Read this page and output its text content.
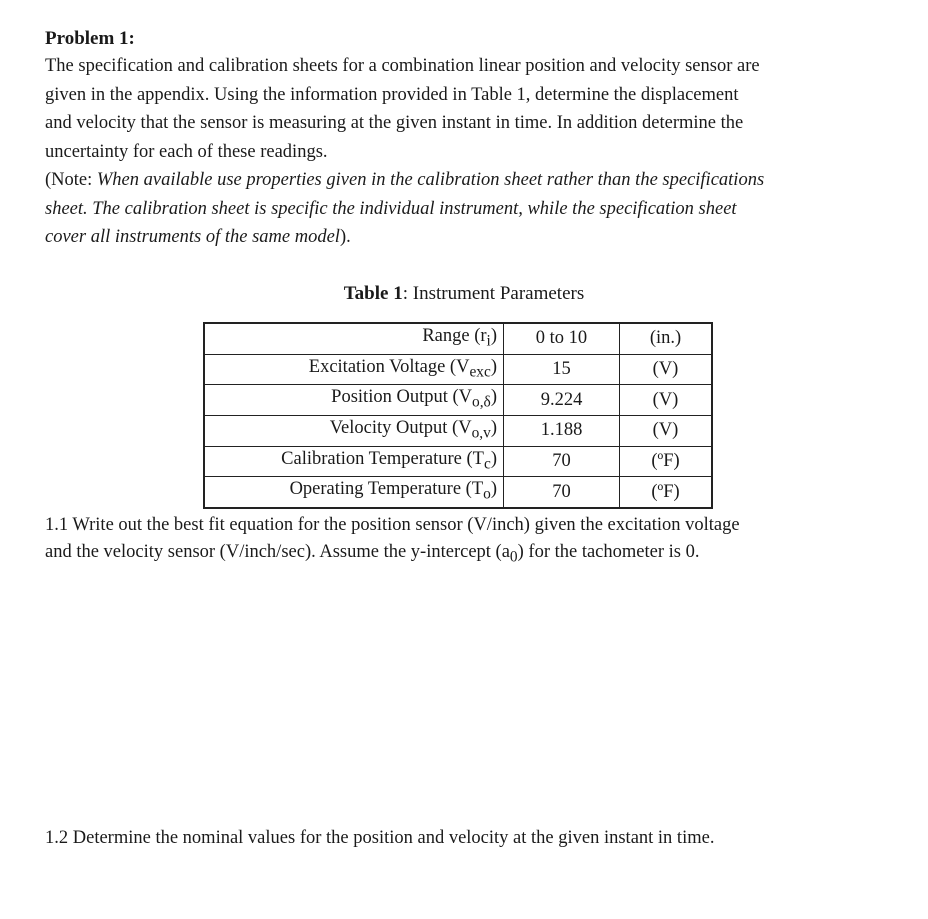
Problem 1:

The specification and calibration sheets for a combination linear position and velocity sensor are
given in the appendix. Using the information provided in Table 1, determine the displacement
and velocity that the sensor is measuring at the given instant in time. In addition determine the
uncertainty for each of these readings.

(Note: When available use properties given in the calibration sheet rather than the specifications
sheet. The calibration sheet is specific the individual instrument, while the specification sheet
cover all instruments of the same model).

Table 1: Instrument Parameters
Range $(r_i)$	0 to 10	(in.)
Excitation Voltage $(V_{exc})$	15	(V)
Position Output $(V_{o,\delta})$	9.224	(V)
Velocity Output $(V_{o,v})$	1.188	(V)
Calibration Temperature $(T_c)$	70	(ºF)
Operating Temperature $(T_o)$	70	(ºF)

1.1 Write out the best fit equation for the position sensor (V/inch) given the excitation voltage
and the velocity sensor (V/inch/sec). Assume the y-intercept $(a_0)$ for the tachometer is 0.

1.2 Determine the nominal values for the position and velocity at the given instant in time.
